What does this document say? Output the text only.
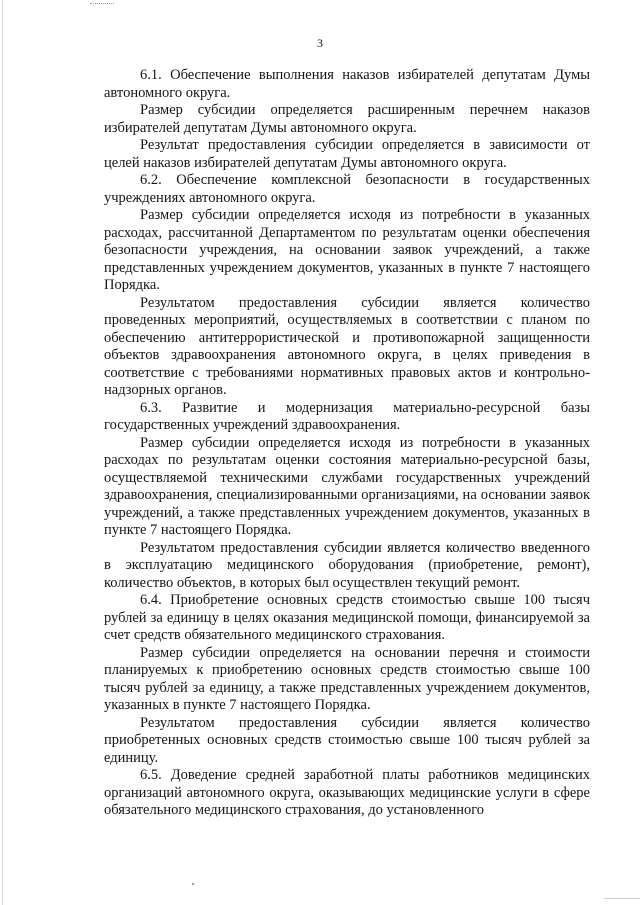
3

6.1. Обеспечение выполнения наказов избирателей депутатам Думы автономного округа.

Размер субсидии определяется расширенным перечнем наказов избирателей депутатам Думы автономного округа.

Результат предоставления субсидии определяется в зависимости от целей наказов избирателей депутатам Думы автономного округа.

6.2. Обеспечение комплексной безопасности в государственных учреждениях автономного округа.

Размер субсидии определяется исходя из потребности в указанных расходах, рассчитанной Департаментом по результатам оценки обеспечения безопасности учреждения, на основании заявок учреждений, а также представленных учреждением документов, указанных в пункте 7 настоящего Порядка.

Результатом предоставления субсидии является количество проведенных мероприятий, осуществляемых в соответствии с планом по обеспечению антитеррористической и противопожарной защищенности объектов здравоохранения автономного округа, в целях приведения в соответствие с требованиями нормативных правовых актов и контрольно-надзорных органов.

6.3. Развитие и модернизация материально-ресурсной базы государственных учреждений здравоохранения.

Размер субсидии определяется исходя из потребности в указанных расходах по результатам оценки состояния материально-ресурсной базы, осуществляемой техническими службами государственных учреждений здравоохранения, специализированными организациями, на основании заявок учреждений, а также представленных учреждением документов, указанных в пункте 7 настоящего Порядка.

Результатом предоставления субсидии является количество введенного в эксплуатацию медицинского оборудования (приобретение, ремонт), количество объектов, в которых был осуществлен текущий ремонт.

6.4. Приобретение основных средств стоимостью свыше 100 тысяч рублей за единицу в целях оказания медицинской помощи, финансируемой за счет средств обязательного медицинского страхования.

Размер субсидии определяется на основании перечня и стоимости планируемых к приобретению основных средств стоимостью свыше 100 тысяч рублей за единицу, а также представленных учреждением документов, указанных в пункте 7 настоящего Порядка.

Результатом предоставления субсидии является количество приобретенных основных средств стоимостью свыше 100 тысяч рублей за единицу.

6.5. Доведение средней заработной платы работников медицинских организаций автономного округа, оказывающих медицинские услуги в сфере обязательного медицинского страхования, до установленного
